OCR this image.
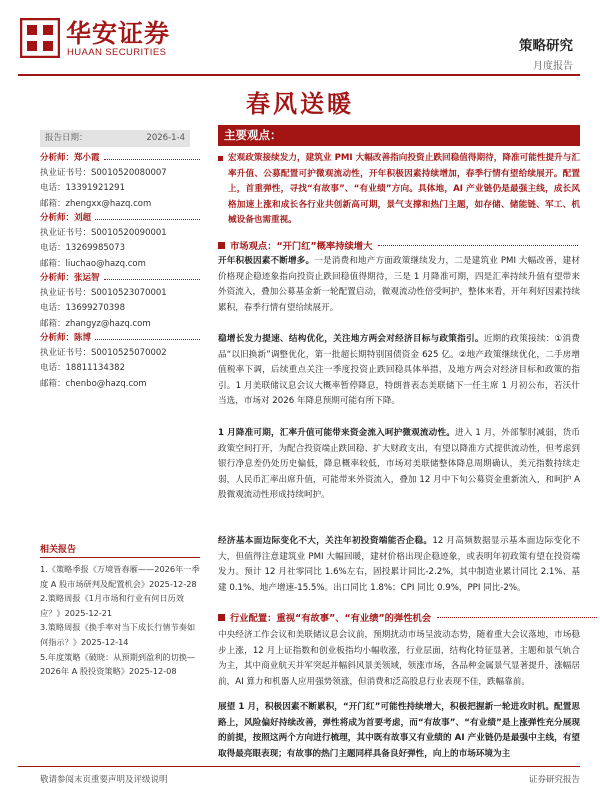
华安证券
HUAAN SECURITIES	策略研究
月度报告
春风送暖
报告日期：	2026-1-4
分析师：郑小霞
执业证书号：S0010520080007
电话：13391921291
邮箱：zhengxx@hazq.com
分析师：刘超
执业证书号：S0010520090001
电话：13269985073
邮箱：liuchao@hazq.com
分析师：张运智
执业证书号：S0010523070001
电话：13699270398
邮箱：zhangyz@hazq.com
分析师：陈博
执业证书号：S0010525070002
电话：18811134382
邮箱：chenbo@hazq.com
相关报告
1.《策略季报《万境皆春雁——2026年一季度 A 股市场研判及配置机会》2025-12-28
2.策略周报《1月市场和行业有何日历效应？》2025-12-21
3.策略周报《换手率对当下成长行情节奏如何指示？》2025-12-14
5.年度策略《破晓：从预期到盈利的切换—2026年 A 股投资策略》2025-12-08
主要观点：
宏观政策接续发力，建筑业 PMI 大幅改善指向投资止跌回稳值得期待，降准可能性提升与汇率升值、公募配置可护微观流动性，开年积极因素持续增加，春季行情有望给续展开。配置上，首重弹性，寻找“有故事”、“有业绩”方向。具体地，AI 产业链仍是最强主线，成长风格加速上涨和成长各行业共创新高可期，景气支撑和热门主题，如存储、储能链、军工、机械设备也需重视。
市场观点：“开门红”概率持续增大
开年积极因素不断增多。一是消费和地产方面政策继续发力，二是建筑业 PMI 大幅改善，建材价格现企稳迹象指向投资止跌回稳值得期待，三是 1 月降准可期，四是汇率持续升值有望带来外资流入，叠加公募基金新一轮配置启动，微观流动性倍受呵护，整体来看，开年利好因素持续累积，春季行情有望给续展开。
稳增长发力提速、结构优化，关注地方两会对经济目标与政策指引。近期的政策接续：①消费品“以旧换新”调整优化，第一批超长期特别国债资金 625 亿。②地产政策继续优化，二手房增值税率下调，后续重点关注一季度投资止跌回稳具体举措，及地方两会对经济目标和政策的指引。1 月美联储议息会议大概率暂停降息，特朗普表态美联储下一任主席 1 月初公布，若沃什当选，市场对 2026 年降息预期可能有所下降。
1 月降准可期，汇率升值可能带来资金流入呵护微观流动性。进入 1 月，外部掣肘减弱，货币政策空间打开，为配合投资端止跌回稳、扩大财政支出，有望以降准方式提供流动性，但考虑到银行净息差仍处历史偏低，降息概率较低，市场对美联储整体降息周期确认，美元指数持续走弱，人民币汇率出席升值，可能带来外资流入，叠加 12 月中下旬公募资金重新流入，和呵护 A 股微观流动性形成持续呵护。
经济基本面边际变化不大，关注年初投资端能否企稳。12 月高频数据显示基本面边际变化不大，但值得注意建筑业 PMI 大幅回暖，建材价格出现企稳迹象，或表明年初政策有望在投资端发力。预计 12 月社零同比 1.6%左右，固投累计同比-2.2%，其中制造业累计同比 2.1%、基建 0.1%、地产增速-15.5%。出口同比 1.8%；CPI 同比 0.9%，PPI 同比-2%。
行业配置：重视“有故事”、“有业绩”的弹性机会
中央经济工作会议和美联储议息会议前，预期扰动市场呈波动态势，随着重大会议落地，市场稳步上涨，12 月上证指数和创业板指均小幅收涨，行业层面，结构化特征显著，主题和景气轨合为主，其中商业航天并军突起并幅斜风景美领域，领涨市场，各品种金属景气显著提升，涨幅居前，AI 算力和机器人应用强势领涨，但消费和泛高股息行业表现不佳，跌幅靠前。
展望 1 月，积极因素不断累积，“开门红”可能性持续增大，积极把握新一轮进攻时机。配置思路上，风险偏好持续改善，弹性将成为首要考虑，而“有故事”、“有业绩”是上涨弹性充分展现的前提，按照这两个方向进行梳理，其中既有故事又有业绩的 AI 产业链仍是最强中主线，有望取得最亮眼表现；有故事的热门主题同样具备良好弹性，向上的市场环境为主
敬请参阅末页重要声明及评级说明	证券研究报告
